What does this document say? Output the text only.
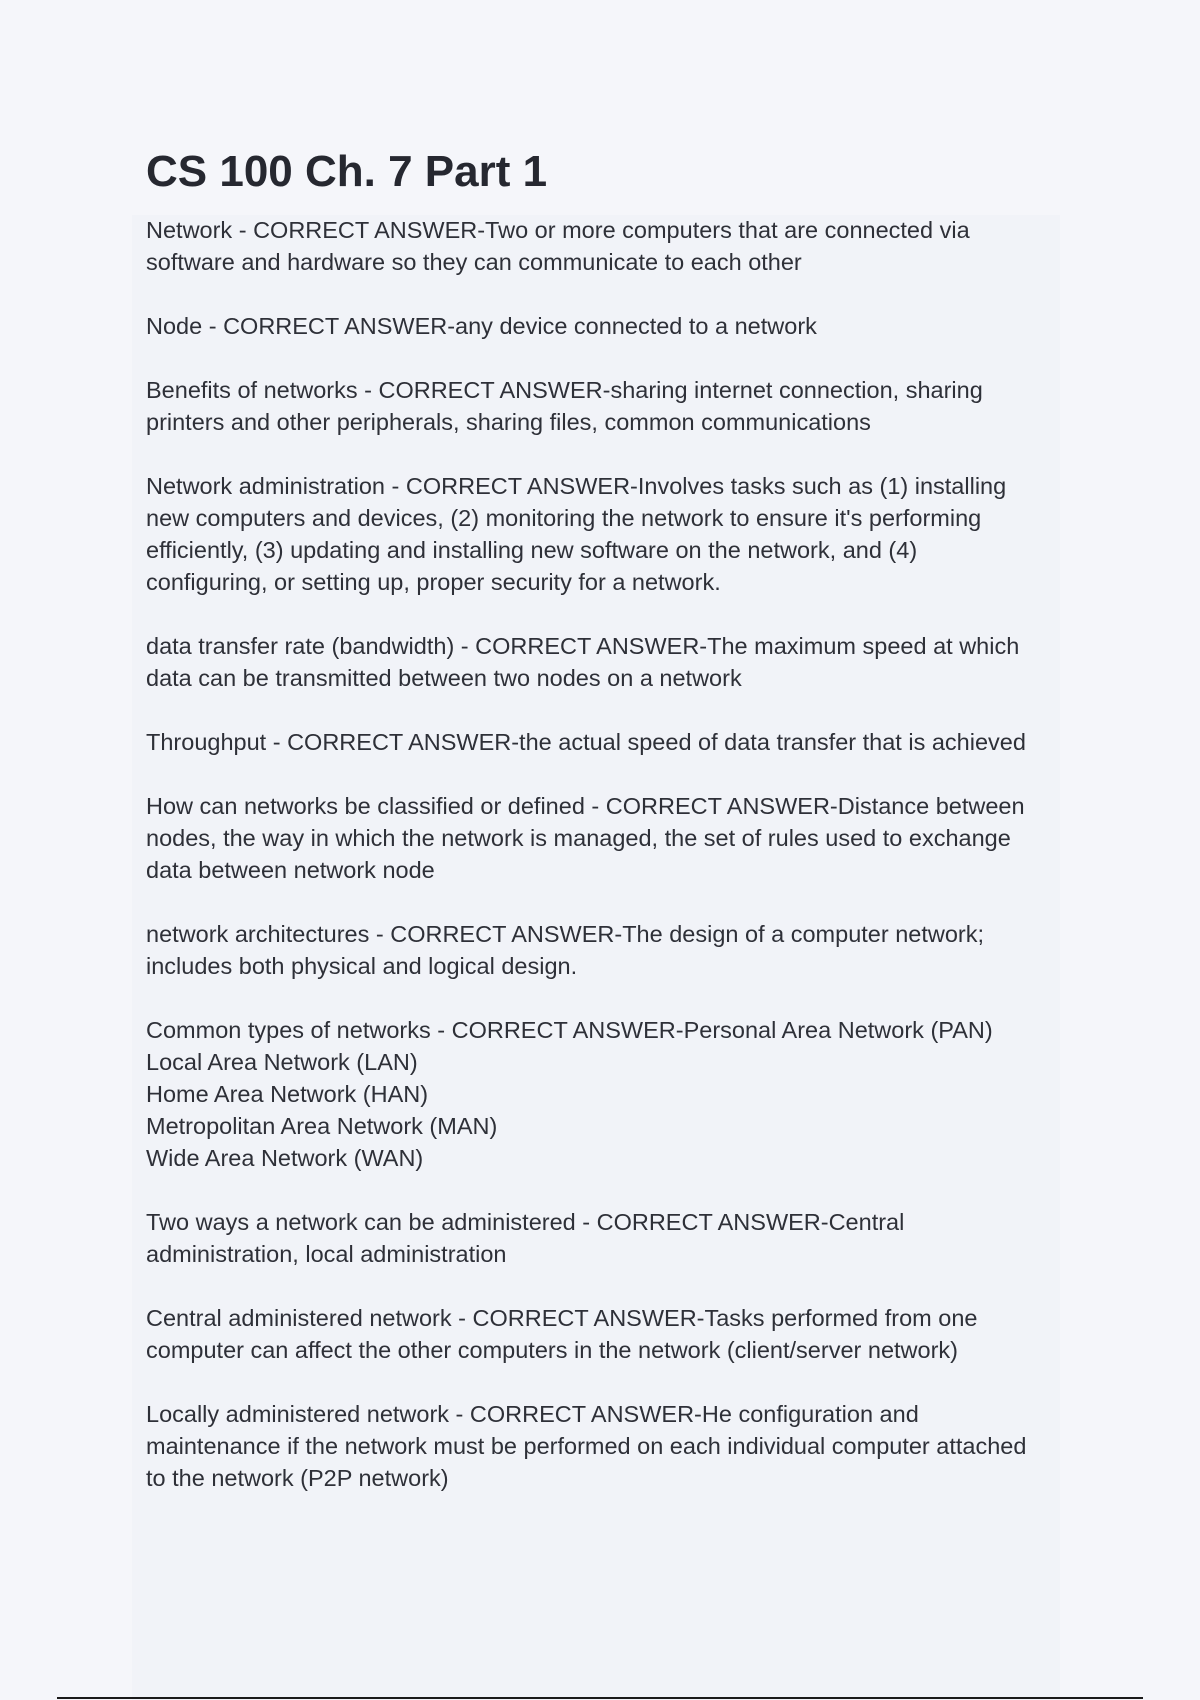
CS 100 Ch. 7 Part 1
Network - CORRECT ANSWER-Two or more computers that are connected via
software and hardware so they can communicate to each other
Node - CORRECT ANSWER-any device connected to a network
Benefits of networks - CORRECT ANSWER-sharing internet connection, sharing
printers and other peripherals, sharing files, common communications
Network administration - CORRECT ANSWER-Involves tasks such as (1) installing
new computers and devices, (2) monitoring the network to ensure it's performing
efficiently, (3) updating and installing new software on the network, and (4)
configuring, or setting up, proper security for a network.
data transfer rate (bandwidth) - CORRECT ANSWER-The maximum speed at which
data can be transmitted between two nodes on a network
Throughput - CORRECT ANSWER-the actual speed of data transfer that is achieved
How can networks be classified or defined - CORRECT ANSWER-Distance between
nodes, the way in which the network is managed, the set of rules used to exchange
data between network node
network architectures - CORRECT ANSWER-The design of a computer network;
includes both physical and logical design.
Common types of networks - CORRECT ANSWER-Personal Area Network (PAN)
Local Area Network (LAN)
Home Area Network (HAN)
Metropolitan Area Network (MAN)
Wide Area Network (WAN)
Two ways a network can be administered - CORRECT ANSWER-Central
administration, local administration
Central administered network - CORRECT ANSWER-Tasks performed from one
computer can affect the other computers in the network (client/server network)
Locally administered network - CORRECT ANSWER-He configuration and
maintenance if the network must be performed on each individual computer attached
to the network (P2P network)
